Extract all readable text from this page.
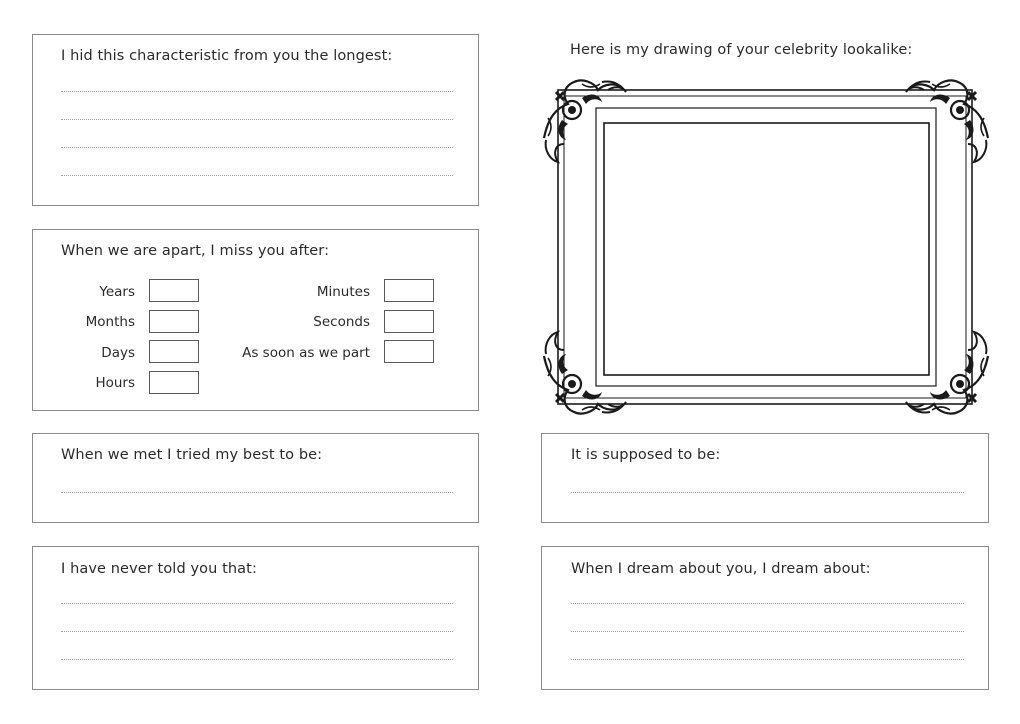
I hid this characteristic from you the longest:
When we are apart, I miss you after:
Years
Months
Days
Hours
Minutes
Seconds
As soon as we part
When we met I tried my best to be:
I have never told you that:
Here is my drawing of your celebrity lookalike:
It is supposed to be:
When I dream about you, I dream about:
